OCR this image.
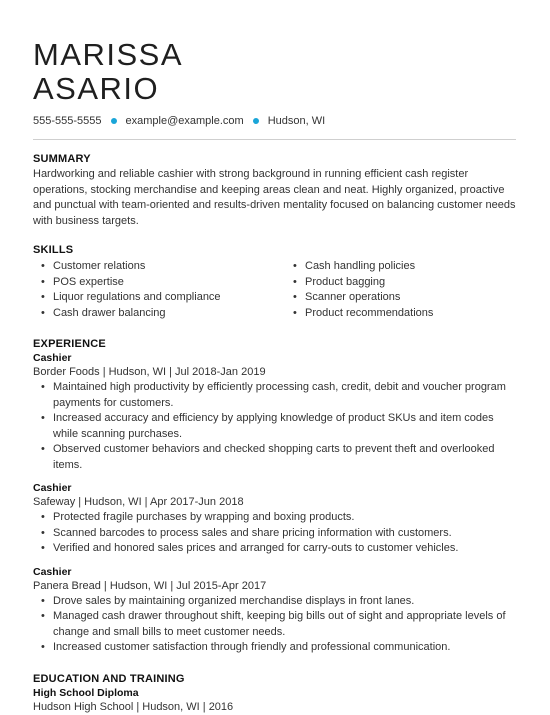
MARISSA
ASARIO
555-555-5555 example@example.com Hudson, WI
SUMMARY
Hardworking and reliable cashier with strong background in running efficient cash register operations, stocking merchandise and keeping areas clean and neat. Highly organized, proactive and punctual with team-oriented and results-driven mentality focused on balancing customer needs with business targets.
SKILLS
• Customer relations
• POS expertise
• Liquor regulations and compliance
• Cash drawer balancing
• Cash handling policies
• Product bagging
• Scanner operations
• Product recommendations
EXPERIENCE
Cashier
Border Foods | Hudson, WI | Jul 2018-Jan 2019
• Maintained high productivity by efficiently processing cash, credit, debit and voucher program payments for customers.
• Increased accuracy and efficiency by applying knowledge of product SKUs and item codes while scanning purchases.
• Observed customer behaviors and checked shopping carts to prevent theft and overlooked items.
Cashier
Safeway | Hudson, WI | Apr 2017-Jun 2018
• Protected fragile purchases by wrapping and boxing products.
• Scanned barcodes to process sales and share pricing information with customers.
• Verified and honored sales prices and arranged for carry-outs to customer vehicles.
Cashier
Panera Bread | Hudson, WI | Jul 2015-Apr 2017
• Drove sales by maintaining organized merchandise displays in front lanes.
• Managed cash drawer throughout shift, keeping big bills out of sight and appropriate levels of change and small bills to meet customer needs.
• Increased customer satisfaction through friendly and professional communication.
EDUCATION AND TRAINING
High School Diploma
Hudson High School | Hudson, WI | 2016
